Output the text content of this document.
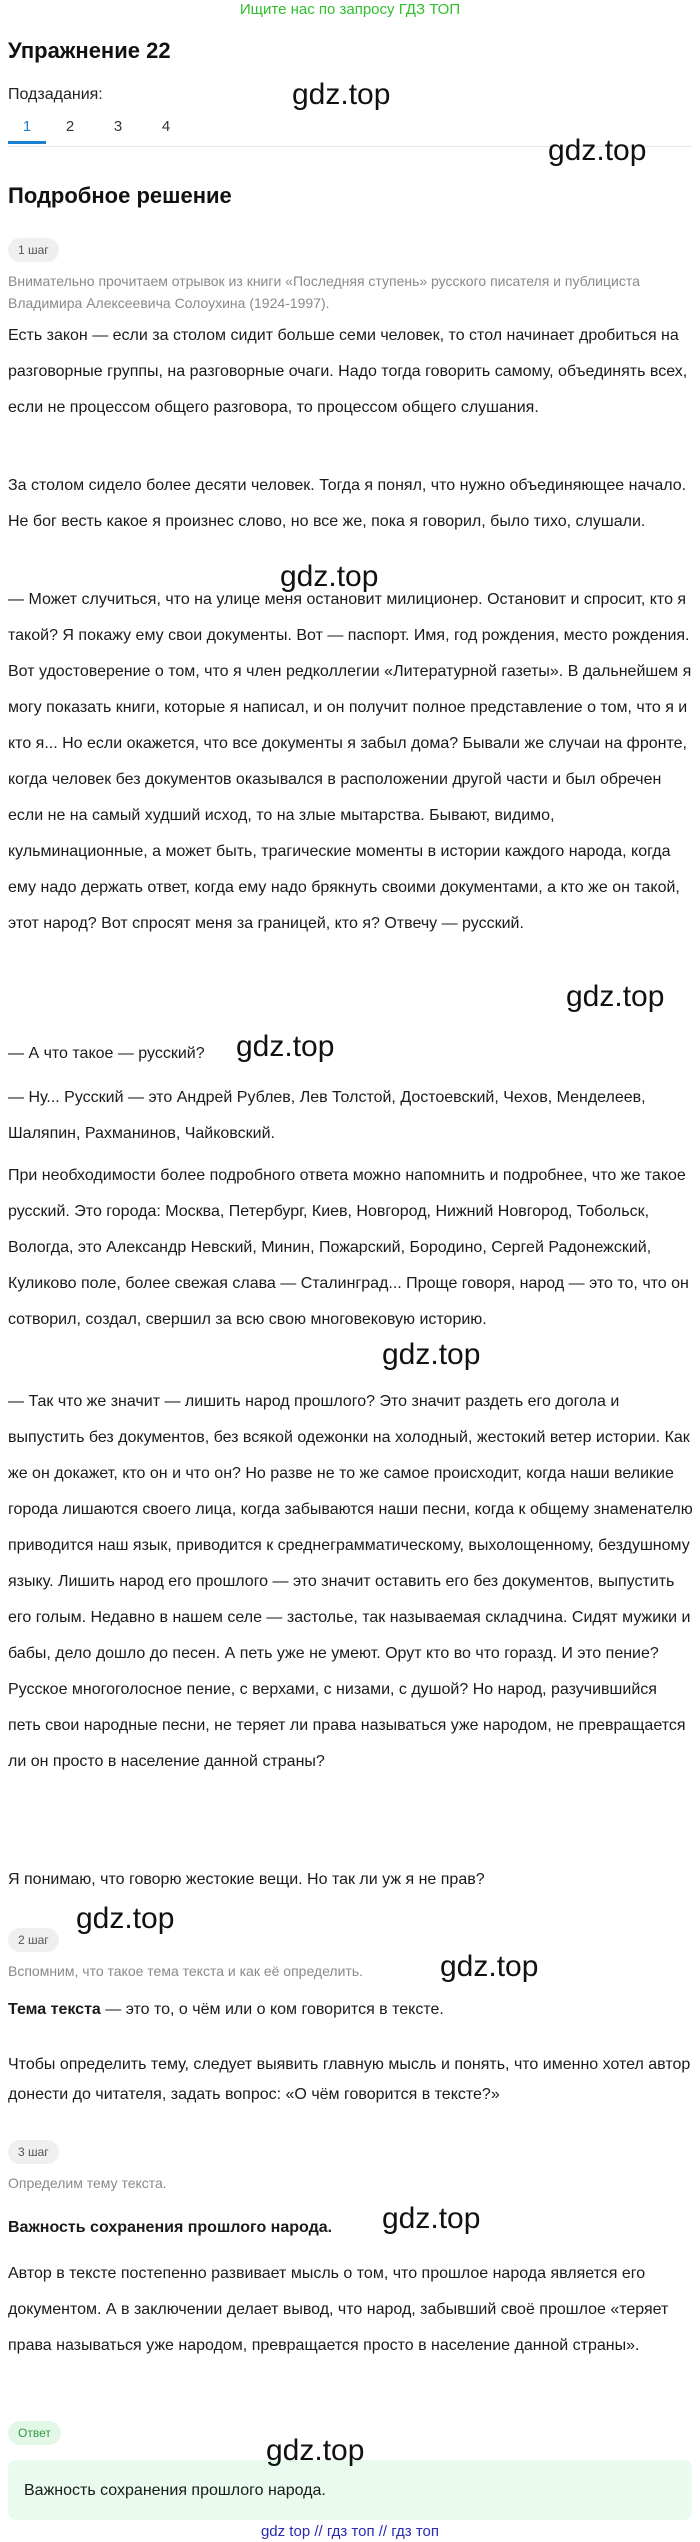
Ищите нас по запросу ГДЗ ТОП
Упражнение 22
Подзадания:
1	2	3	4
Подробное решение
1 шаг
Внимательно прочитаем отрывок из книги «Последняя ступень» русского писателя и публициста Владимира Алексеевича Солоухина (1924-1997).
Есть закон — если за столом сидит больше семи человек, то стол начинает дробиться на разговорные группы, на разговорные очаги. Надо тогда говорить самому, объединять всех, если не процессом общего разговора, то процессом общего слушания.
За столом сидело более десяти человек. Тогда я понял, что нужно объединяющее начало. Не бог весть какое я произнес слово, но все же, пока я говорил, было тихо, слушали.
— Может случиться, что на улице меня остановит милиционер. Остановит и спросит, кто я такой? Я покажу ему свои документы. Вот — паспорт. Имя, год рождения, место рождения. Вот удостоверение о том, что я член редколлегии «Литературной газеты». В дальнейшем я могу показать книги, которые я написал, и он получит полное представление о том, что я и кто я... Но если окажется, что все документы я забыл дома? Бывали же случаи на фронте, когда человек без документов оказывался в расположении другой части и был обречен если не на самый худший исход, то на злые мытарства. Бывают, видимо, кульминационные, а может быть, трагические моменты в истории каждого народа, когда ему надо держать ответ, когда ему надо брякнуть своими документами, а кто же он такой, этот народ? Вот спросят меня за границей, кто я? Отвечу — русский.
— А что такое — русский?
— Ну... Русский — это Андрей Рублев, Лев Толстой, Достоевский, Чехов, Менделеев, Шаляпин, Рахманинов, Чайковский.
При необходимости более подробного ответа можно напомнить и подробнее, что же такое русский. Это города: Москва, Петербург, Киев, Новгород, Нижний Новгород, Тобольск, Вологда, это Александр Невский, Минин, Пожарский, Бородино, Сергей Радонежский, Куликово поле, более свежая слава — Сталинград... Проще говоря, народ — это то, что он сотворил, создал, свершил за всю свою многовековую историю.
— Так что же значит — лишить народ прошлого? Это значит раздеть его догола и выпустить без документов, без всякой одежонки на холодный, жестокий ветер истории. Как же он докажет, кто он и что он? Но разве не то же самое происходит, когда наши великие города лишаются своего лица, когда забываются наши песни, когда к общему знаменателю приводится наш язык, приводится к среднеграмматическому, выхолощенному, бездушному языку. Лишить народ его прошлого — это значит оставить его без документов, выпустить его голым. Недавно в нашем селе — застолье, так называемая складчина. Сидят мужики и бабы, дело дошло до песен. А петь уже не умеют. Орут кто во что горазд. И это пение? Русское многоголосное пение, с верхами, с низами, с душой? Но народ, разучившийся петь свои народные песни, не теряет ли права называться уже народом, не превращается ли он просто в население данной страны?
Я понимаю, что говорю жестокие вещи. Но так ли уж я не прав?
2 шаг
Вспомним, что такое тема текста и как её определить.
Тема текста — это то, о чём или о ком говорится в тексте.
Чтобы определить тему, следует выявить главную мысль и понять, что именно хотел автор донести до читателя, задать вопрос: «О чём говорится в тексте?»
3 шаг
Определим тему текста.
Важность сохранения прошлого народа.
Автор в тексте постепенно развивает мысль о том, что прошлое народа является его документом. А в заключении делает вывод, что народ, забывший своё прошлое «теряет права называться уже народом, превращается просто в население данной страны».
Ответ
Важность сохранения прошлого народа.
gdz.top
gdz.top
gdz.top
gdz.top
gdz.top
gdz.top
gdz.top
gdz.top
gdz.top
gdz.top
gdz top // гдз топ // гдз топ
